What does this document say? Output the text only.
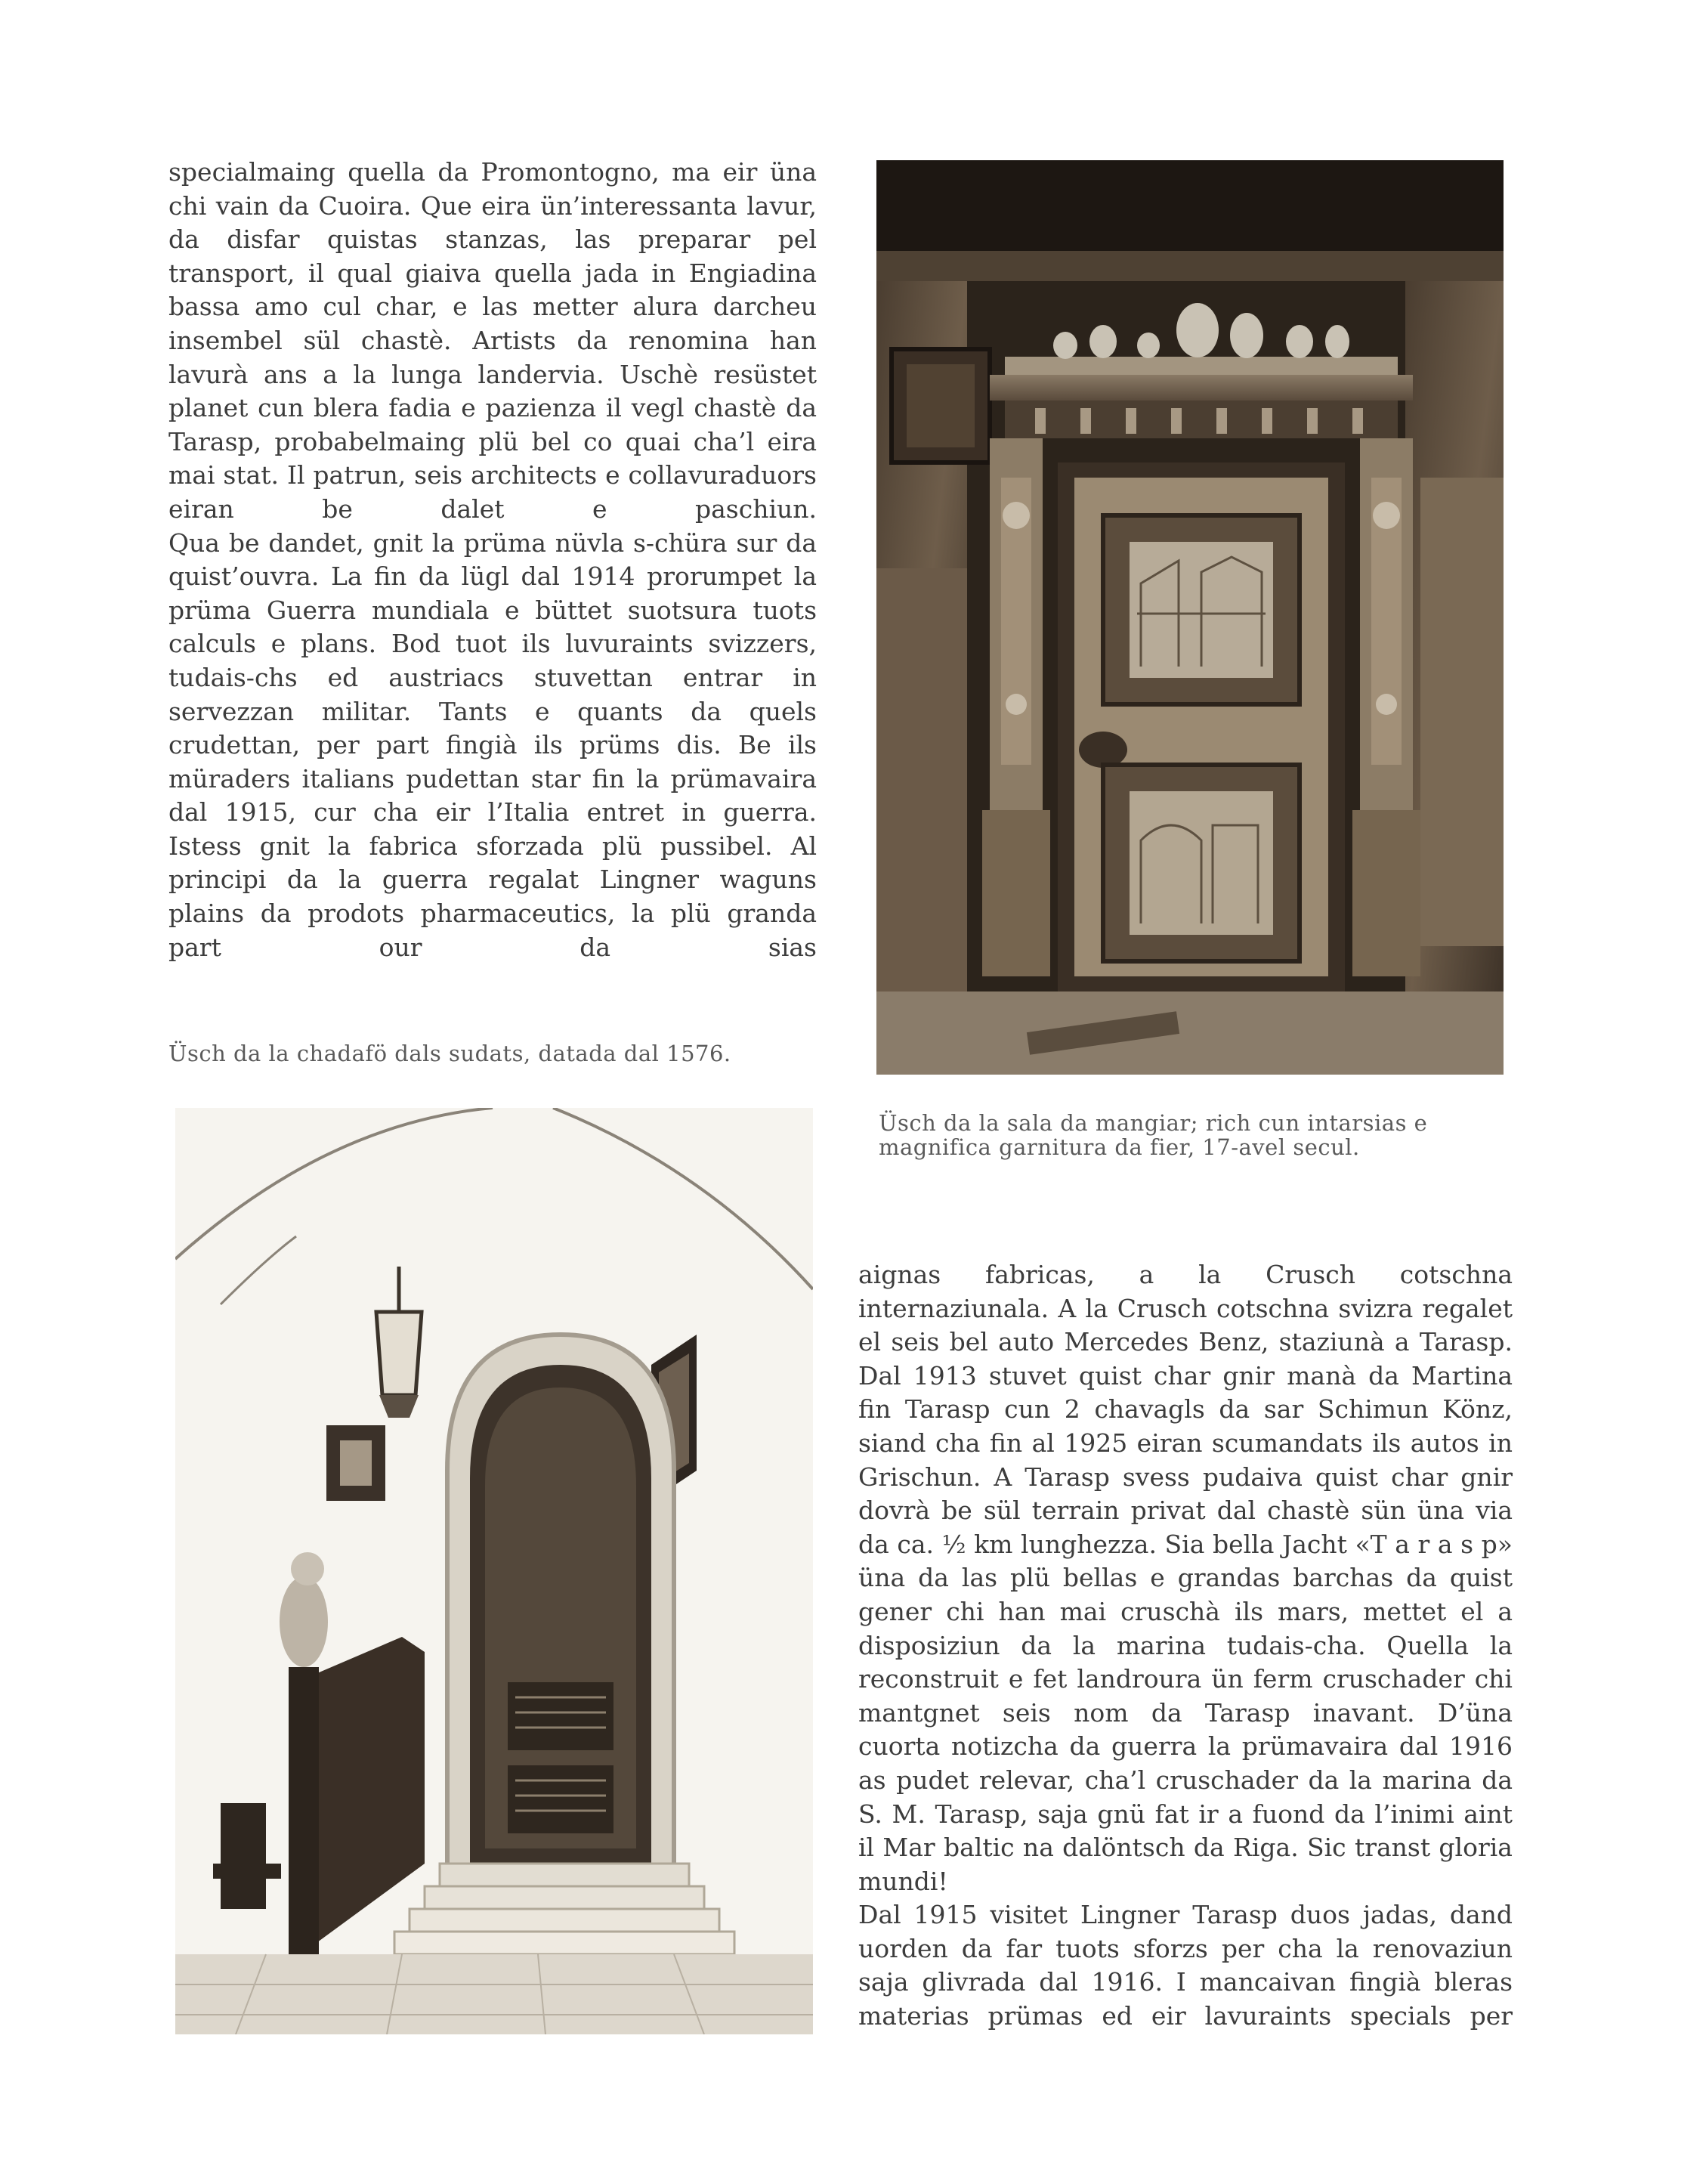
specialmaing quella da Promontogno, ma eir üna chi vain da Cuoira. Que eira ün’interessanta lavur, da disfar quistas stanzas, las preparar pel transport, il qual giaiva quella jada in Engiadina bassa amo cul char, e las metter alura darcheu insembel sül chastè. Artists da renomina han lavurà ans a la lunga landervia. Uschè resüstet planet cun blera fadia e pazienza il vegl chastè da Tarasp, probabelmaing plü bel co quai cha’l eira mai stat. Il patrun, seis architects e collavuraduors eiran be dalet e paschiun.

Qua be dandet, gnit la prüma nüvla s-chüra sur da quist’ouvra. La fin da lügl dal 1914 prorumpet la prüma Guerra mundiala e büttet suotsura tuots calculs e plans. Bod tuot ils luvuraints svizzers, tudais-chs ed austriacs stuvettan entrar in servezzan militar. Tants e quants da quels crudettan, per part fingià ils prüms dis. Be ils müraders italians pudettan star fin la prümavaira dal 1915, cur cha eir l’Italia entret in guerra. Istess gnit la fabrica sforzada plü pussibel. Al principi da la guerra regalat Lingner waguns plains da prodots pharmaceutics, la plü granda part our da sias

Üsch da la chadafö dals sudats, datada dal 1576.
Üsch da la sala da mangiar; rich cun intarsias e magnifica garnitura da fier, 17-avel secul.

aignas fabricas, a la Crusch cotschna internaziunala. A la Crusch cotschna svizra regalet el seis bel auto Mercedes Benz, staziunà a Tarasp. Dal 1913 stuvet quist char gnir manà da Martina fin Tarasp cun 2 chavagls da sar Schimun Könz, siand cha fin al 1925 eiran scumandats ils autos in Grischun. A Tarasp svess pudaiva quist char gnir dovrà be sül terrain privat dal chastè sün üna via da ca. ½ km lunghezza. Sia bella Jacht «T a r a s p» üna da las plü bellas e grandas barchas da quist gener chi han mai cruschà ils mars, mettet el a disposiziun da la marina tudais-cha. Quella la reconstruit e fet landroura ün ferm cruschader chi mantgnet seis nom da Tarasp inavant. D’üna cuorta notizcha da guerra la prümavaira dal 1916 as pudet relevar, cha’l cruschader da la marina da S. M. Tarasp, saja gnü fat ir a fuond da l’inimi aint il Mar baltic na dalöntsch da Riga. Sic transt gloria mundi!

Dal 1915 visitet Lingner Tarasp duos jadas, dand uorden da far tuots sforzs per cha la renovaziun saja glivrada dal 1916. I mancaivan fingià bleras materias prümas ed eir lavuraints specials per
